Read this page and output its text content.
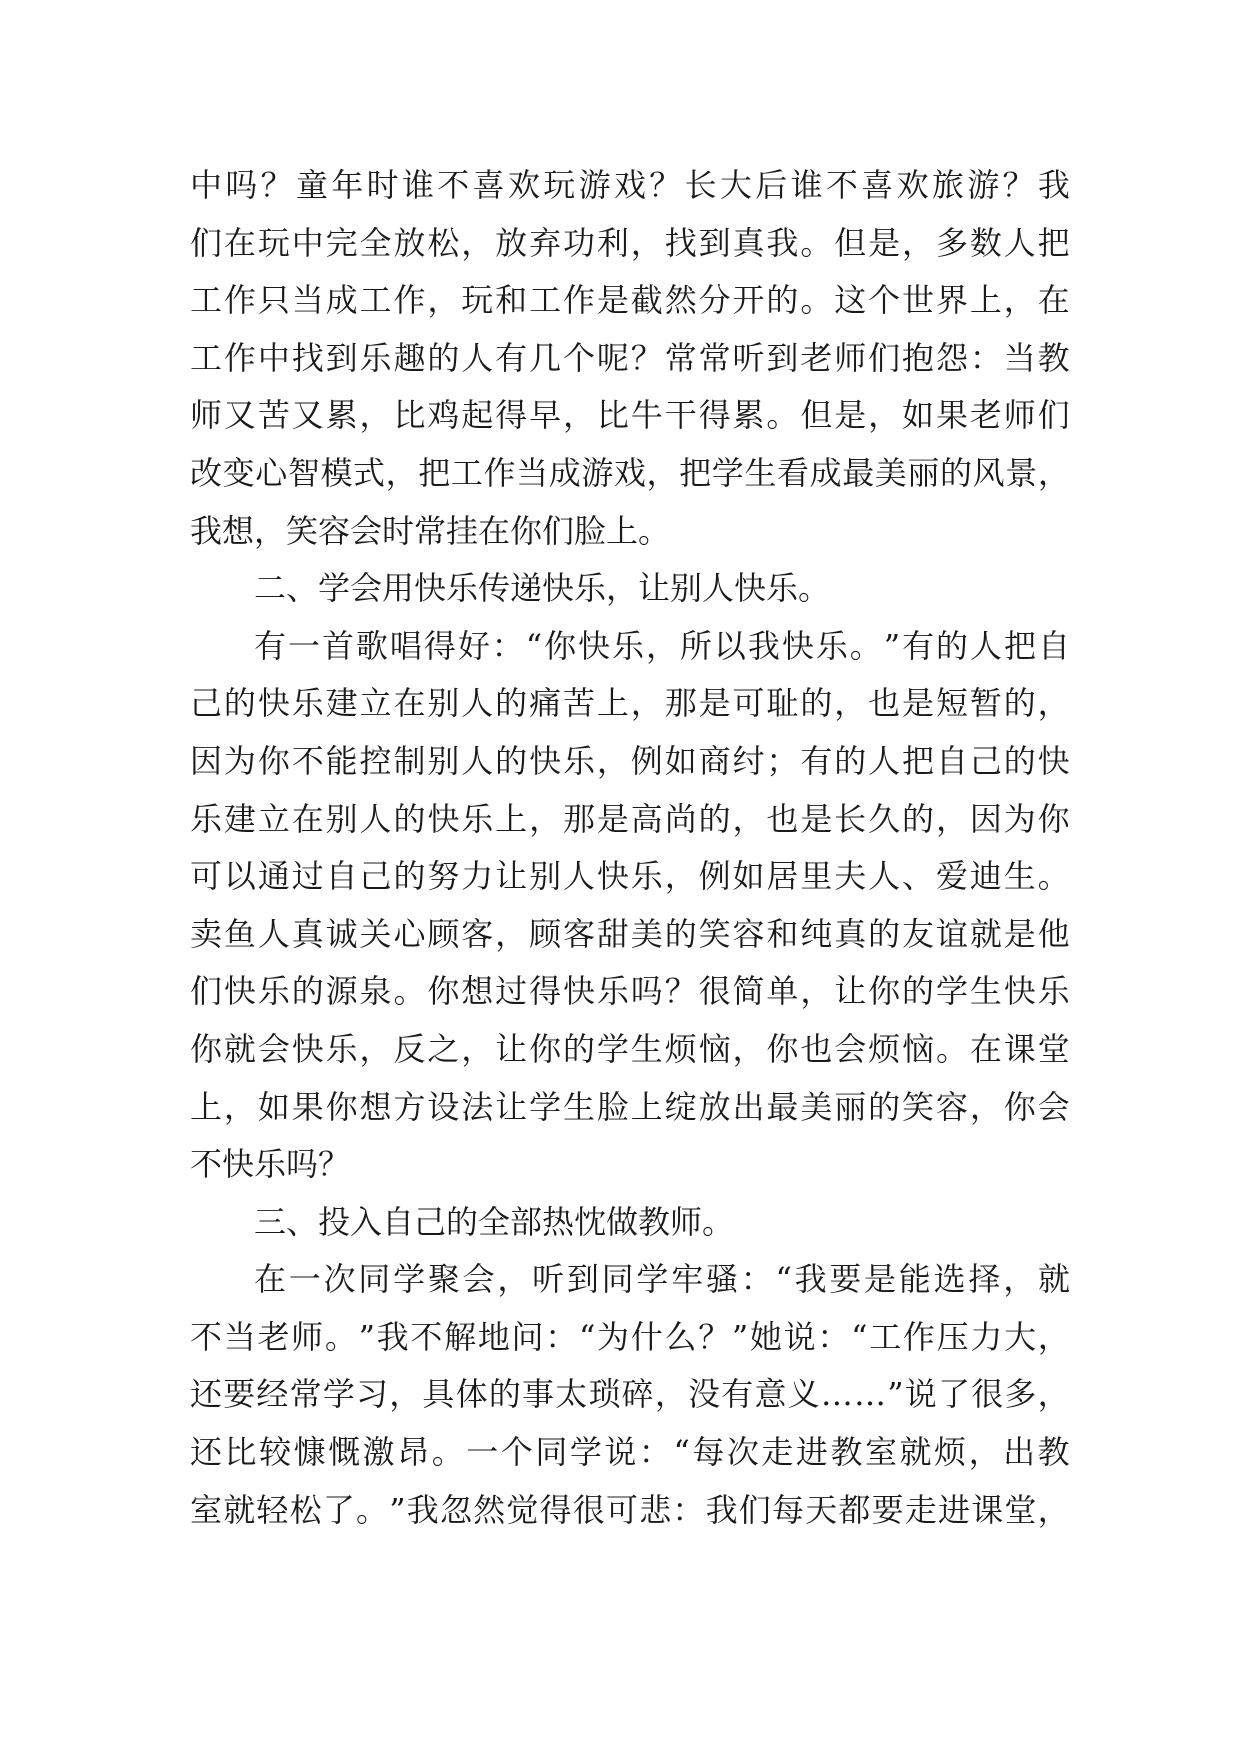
中 吗 ？ 童 年 时 谁 不 喜 欢 玩 游 戏 ？ 长 大 后 谁 不 喜 欢 旅 游 ？ 我
们 在 玩 中 完 全 放 松 ， 放 弃 功 利 ， 找 到 真 我 。 但 是 ， 多 数 人 把
工 作 只 当 成 工 作 ， 玩 和 工 作 是 截 然 分 开 的 。 这 个 世 界 上 ， 在
工 作 中 找 到 乐 趣 的 人 有 几 个 呢 ？ 常 常 听 到 老 师 们 抱 怨 ： 当 教
师 又 苦 又 累 ， 比 鸡 起 得 早 ， 比 牛 干 得 累 。 但 是 ， 如 果 老 师 们
改 变 心 智 模 式 ， 把 工 作 当 成 游 戏 ， 把 学 生 看 成 最 美 丽 的 风 景 ，
我想，笑容会时常挂在你们脸上。
二、学会用快乐传递快乐，让别人快乐。
有 一 首 歌 唱 得 好 ： “ 你 快 乐 ， 所 以 我 快 乐 。 ” 有 的 人 把 自
己 的 快 乐 建 立 在 别 人 的 痛 苦 上 ， 那 是 可 耻 的 ， 也 是 短 暂 的 ，
因 为 你 不 能 控 制 别 人 的 快 乐 ， 例 如 商 纣 ； 有 的 人 把 自 己 的 快
乐 建 立 在 别 人 的 快 乐 上 ， 那 是 高 尚 的 ， 也 是 长 久 的 ， 因 为 你
可 以 通 过 自 己 的 努 力 让 别 人 快 乐 ， 例 如 居 里 夫 人 、 爱 迪 生 。
卖 鱼 人 真 诚 关 心 顾 客 ， 顾 客 甜 美 的 笑 容 和 纯 真 的 友 谊 就 是 他
们 快 乐 的 源 泉 。 你 想 过 得 快 乐 吗 ？ 很 简 单 ， 让 你 的 学 生 快 乐
你 就 会 快 乐 ， 反 之 ， 让 你 的 学 生 烦 恼 ， 你 也 会 烦 恼 。 在 课 堂
上 ， 如 果 你 想 方 设 法 让 学 生 脸 上 绽 放 出 最 美 丽 的 笑 容 ， 你 会
不快乐吗？
三、投入自己的全部热忱做教师。
在 一 次 同 学 聚 会 ， 听 到 同 学 牢 骚 ： “ 我 要 是 能 选 择 ， 就
不 当 老 师 。 ” 我 不 解 地 问 ： “ 为 什 么 ？ ” 她 说 ： “ 工 作 压 力 大 ，
还 要 经 常 学 习 ， 具 体 的 事 太 琐 碎 ， 没 有 意 义 … … ” 说 了 很 多 ，
还 比 较 慷 慨 激 昂 。 一 个 同 学 说 ： “ 每 次 走 进 教 室 就 烦 ， 出 教
室 就 轻 松 了 。 ” 我 忽 然 觉 得 很 可 悲 ： 我 们 每 天 都 要 走 进 课 堂 ，
